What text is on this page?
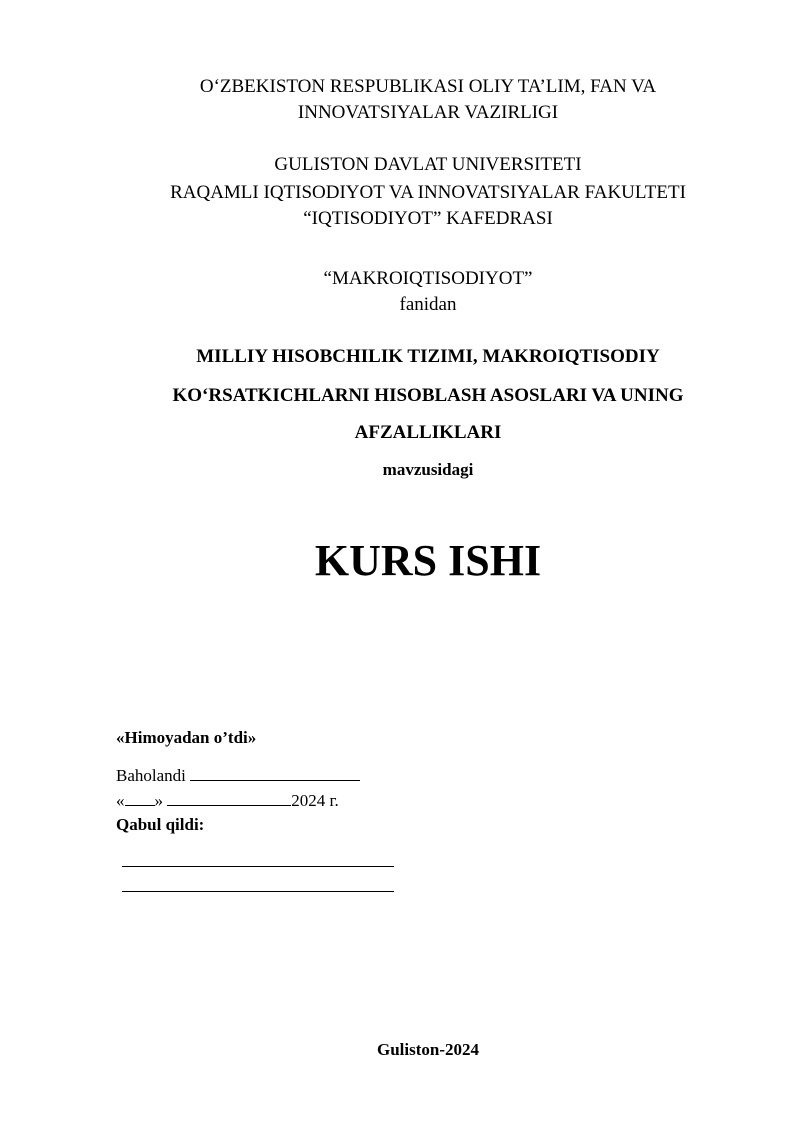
O‘ZBEKISTON RESPUBLIKASI OLIY TA’LIM, FAN VA
INNOVATSIYALAR VAZIRLIGI
GULISTON DAVLAT UNIVERSITETI
RAQAMLI IQTISODIYOT VA INNOVATSIYALAR FAKULTETI
“IQTISODIYOT” KAFEDRASI
“MAKROIQTISODIYOT”
fanidan
MILLIY HISOBCHILIK TIZIMI, MAKROIQTISODIY
KO‘RSATKICHLARNI HISOBLASH ASOSLARI VA UNING
AFZALLIKLARI
mavzusidagi
KURS ISHI
«Himoyadan o’tdi»
Baholandi
« »	2024 г.
Qabul qildi:
Guliston-2024
